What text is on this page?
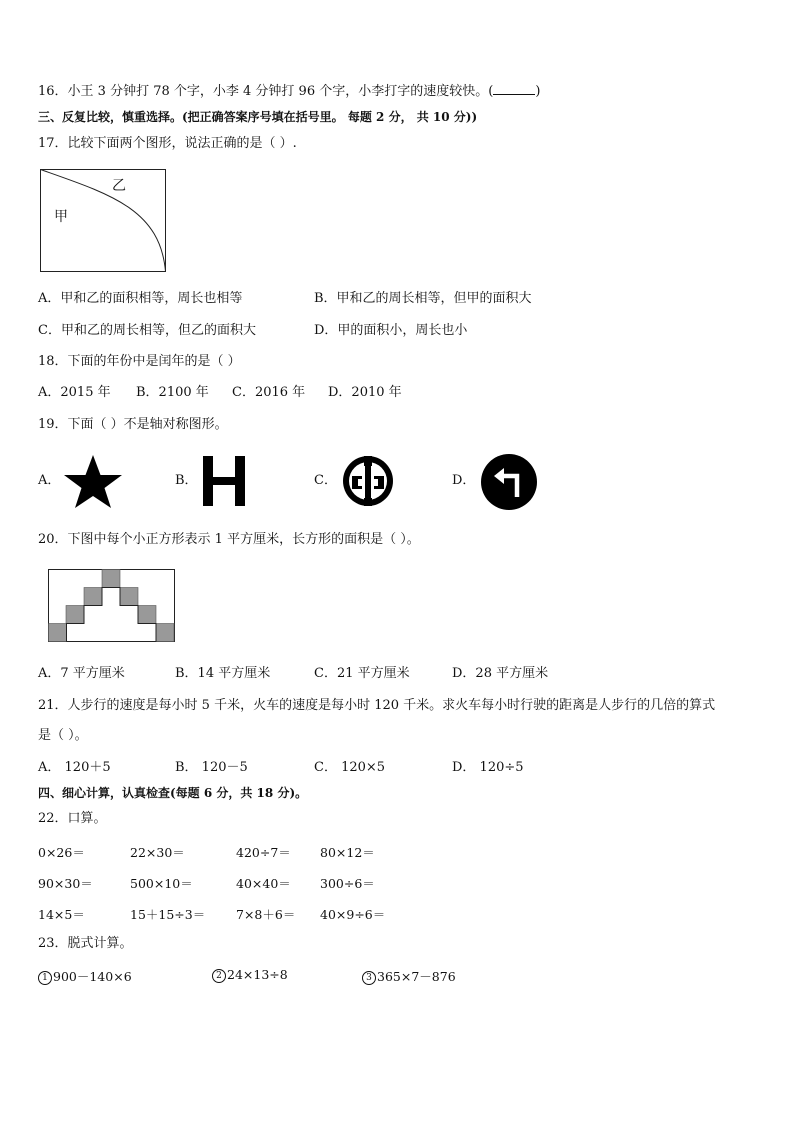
16．小王 3 分钟打 78 个字，小李 4 分钟打 96 个字，小李打字的速度较快。(	)
三、反复比较，慎重选择。(把正确答案序号填在括号里。 每题 2 分， 共 10 分))
17．比较下面两个图形，说法正确的是（ ）.
乙
甲
A．甲和乙的面积相等，周长也相等	B．甲和乙的周长相等，但甲的面积大
C．甲和乙的周长相等，但乙的面积大	D．甲的面积小，周长也小
18．下面的年份中是闰年的是（ ）
A．2015 年 B．2100 年 C．2016 年 D．2010 年
19．下面（ ）不是轴对称图形。
A．	B．	C．	D．
20．下图中每个小正方形表示 1 平方厘米，长方形的面积是（ ）。
A．7 平方厘米	B．14 平方厘米	C．21 平方厘米	D．28 平方厘米
21．人步行的速度是每小时 5 千米，火车的速度是每小时 120 千米。求火车每小时行驶的距离是人步行的几倍的算式
是（ ）。
A． 120＋5	B． 120－5	C． 120×5	D． 120÷5
四、细心计算，认真检查(每题 6 分，共 18 分)。
22．口算。
0×26＝	22×30＝	420÷7＝ 80×12＝
90×30＝	500×10＝	40×40＝ 300÷6＝
14×5＝	15＋15÷3＝ 7×8＋6＝ 40×9÷6＝
23．脱式计算。
1 900－140×6	2 24×13÷8	3 365×7－876
